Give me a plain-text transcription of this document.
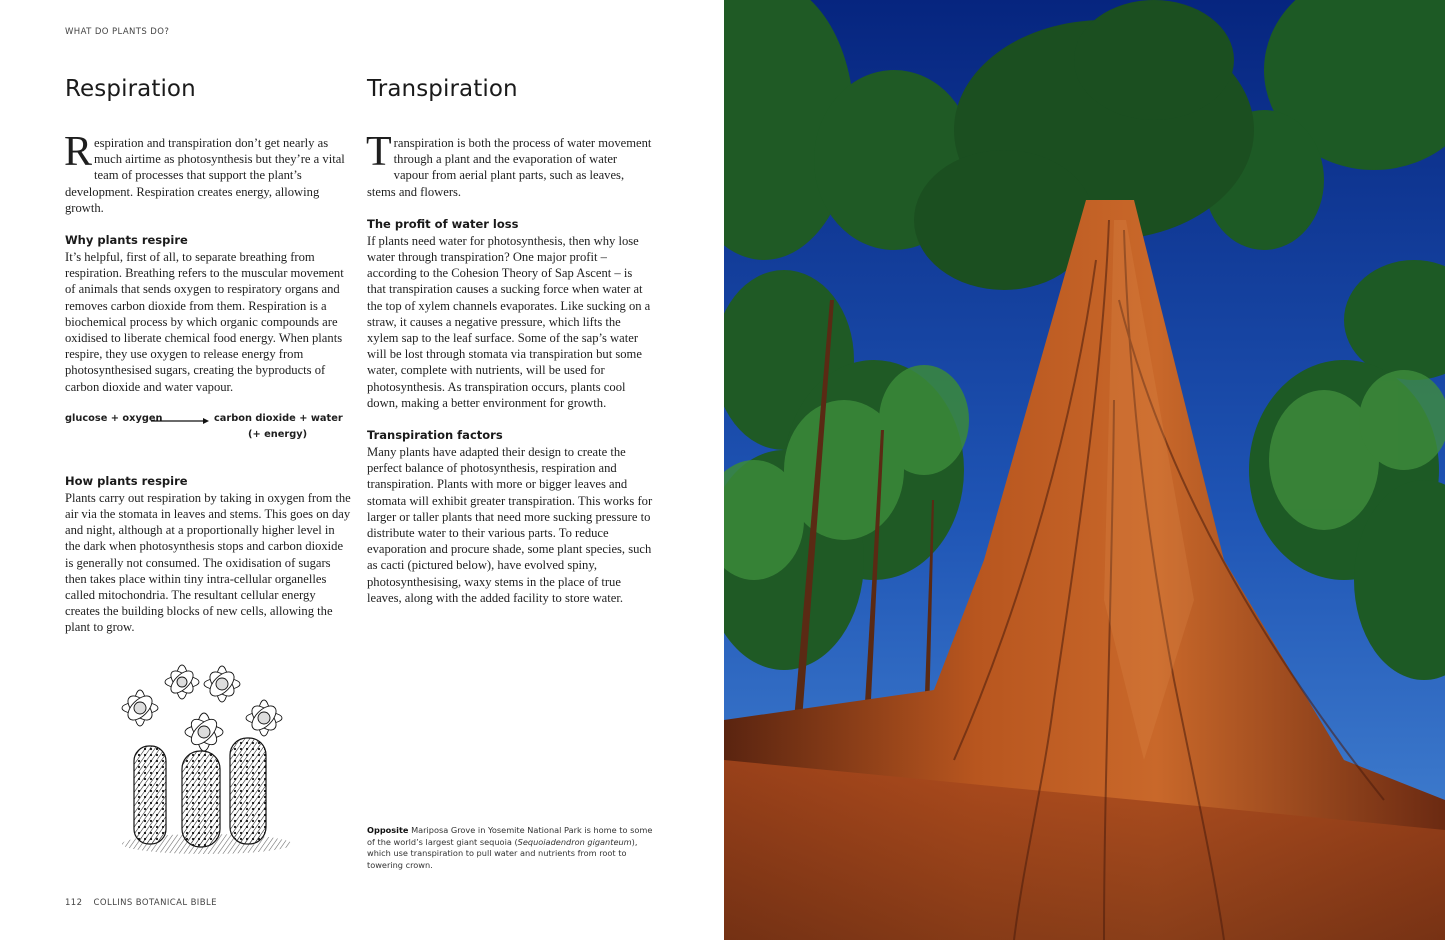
WHAT DO PLANTS DO?
Respiration

Respiration and transpiration don’t get nearly as much airtime as photosynthesis but they’re a vital team of processes that support the plant’s development. Respiration creates energy, allowing growth.

Why plants respire

It’s helpful, first of all, to separate breathing from respiration. Breathing refers to the muscular movement of animals that sends oxygen to respiratory organs and removes carbon dioxide from them. Respiration is a biochemical process by which organic compounds are oxidised to liberate chemical food energy. When plants respire, they use oxygen to release energy from photosynthesised sugars, creating the byproducts of carbon dioxide and water vapour.

glucose + oxygen	carbon dioxide + water
(+ energy)
How plants respire

Plants carry out respiration by taking in oxygen from the air via the stomata in leaves and stems. This goes on day and night, although at a proportionally higher level in the dark when photosynthesis stops and carbon dioxide is generally not consumed. The oxidisation of sugars then takes place within tiny intra-cellular organelles called mitochondria. The resultant cellular energy creates the building blocks of new cells, allowing the plant to grow.

Transpiration

Transpiration is both the process of water movement through a plant and the evaporation of water vapour from aerial plant parts, such as leaves, stems and flowers.

The profit of water loss

If plants need water for photosynthesis, then why lose water through transpiration? One major profit – according to the Cohesion Theory of Sap Ascent – is that transpiration causes a sucking force when water at the top of xylem channels evaporates. Like sucking on a straw, it causes a negative pressure, which lifts the xylem sap to the leaf surface. Some of the sap’s water will be lost through stomata via transpiration but some water, complete with nutrients, will be used for photosynthesis. As transpiration occurs, plants cool down, making a better environment for growth.

Transpiration factors

Many plants have adapted their design to create the perfect balance of photosynthesis, respiration and transpiration. Plants with more or bigger leaves and stomata will exhibit greater transpiration. This works for larger or taller plants that need more sucking pressure to distribute water to their various parts. To reduce evaporation and procure shade, some plant species, such as cacti (pictured below), have evolved spiny, photosynthesising, waxy stems in the place of true leaves, along with the added facility to store water.

Opposite Mariposa Grove in Yosemite National Park is home to some of the world’s largest giant sequoia (Sequoiadendron giganteum), which use transpiration to pull water and nutrients from root to towering crown.

112 COLLINS BOTANICAL BIBLE
